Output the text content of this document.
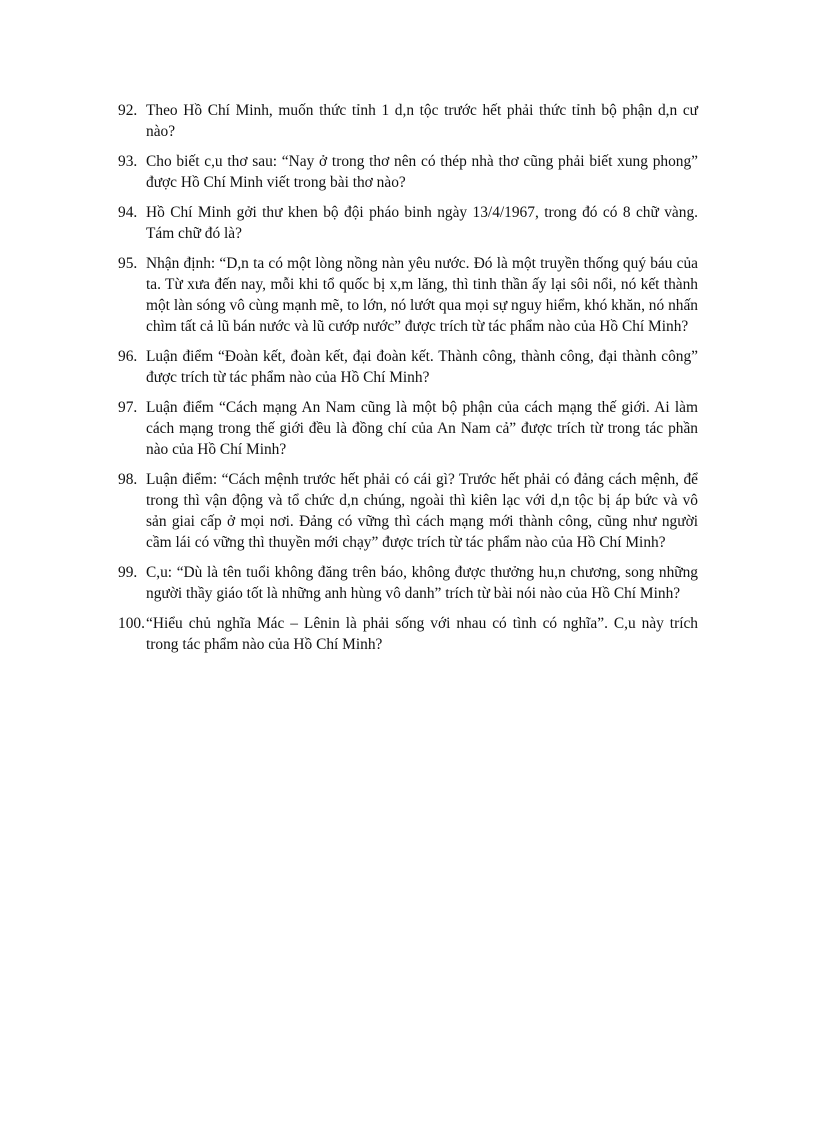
92. Theo Hồ Chí Minh, muốn thức tỉnh 1 d,n tộc trước hết phải thức tỉnh bộ phận d,n cư nào?
93. Cho biết c,u thơ sau: “Nay ở trong thơ nên có thép nhà thơ cũng phải biết xung phong” được Hồ Chí Minh viết trong bài thơ nào?
94. Hồ Chí Minh gởi thư khen bộ đội pháo binh ngày 13/4/1967, trong đó có 8 chữ vàng. Tám chữ đó là?
95. Nhận định: “D,n ta có một lòng nồng nàn yêu nước. Đó là một truyền thống quý báu của ta. Từ xưa đến nay, mỗi khi tổ quốc bị x,m lăng, thì tinh thần ấy lại sôi nổi, nó kết thành một làn sóng vô cùng mạnh mẽ, to lớn, nó lướt qua mọi sự nguy hiểm, khó khăn, nó nhấn chìm tất cả lũ bán nước và lũ cướp nước” được trích từ tác phẩm nào của Hồ Chí Minh?
96. Luận điểm “Đoàn kết, đoàn kết, đại đoàn kết. Thành công, thành công, đại thành công” được trích từ tác phẩm nào của Hồ Chí Minh?
97. Luận điểm “Cách mạng An Nam cũng là một bộ phận của cách mạng thế giới. Ai làm cách mạng trong thế giới đều là đồng chí của An Nam cả” được trích từ trong tác phần nào của Hồ Chí Minh?
98. Luận điểm: “Cách mệnh trước hết phải có cái gì? Trước hết phải có đảng cách mệnh, để trong thì vận động và tổ chức d,n chúng, ngoài thì kiên lạc với d,n tộc bị áp bức và vô sản giai cấp ở mọi nơi. Đảng có vững thì cách mạng mới thành công, cũng như người cầm lái có vững thì thuyền mới chạy” được trích từ tác phẩm nào của Hồ Chí Minh?
99. C,u: “Dù là tên tuổi không đăng trên báo, không được thưởng hu,n chương, song những người thầy giáo tốt là những anh hùng vô danh” trích từ bài nói nào của Hồ Chí Minh?
100. “Hiểu chủ nghĩa Mác – Lênin là phải sống với nhau có tình có nghĩa”. C,u này trích trong tác phẩm nào của Hồ Chí Minh?
